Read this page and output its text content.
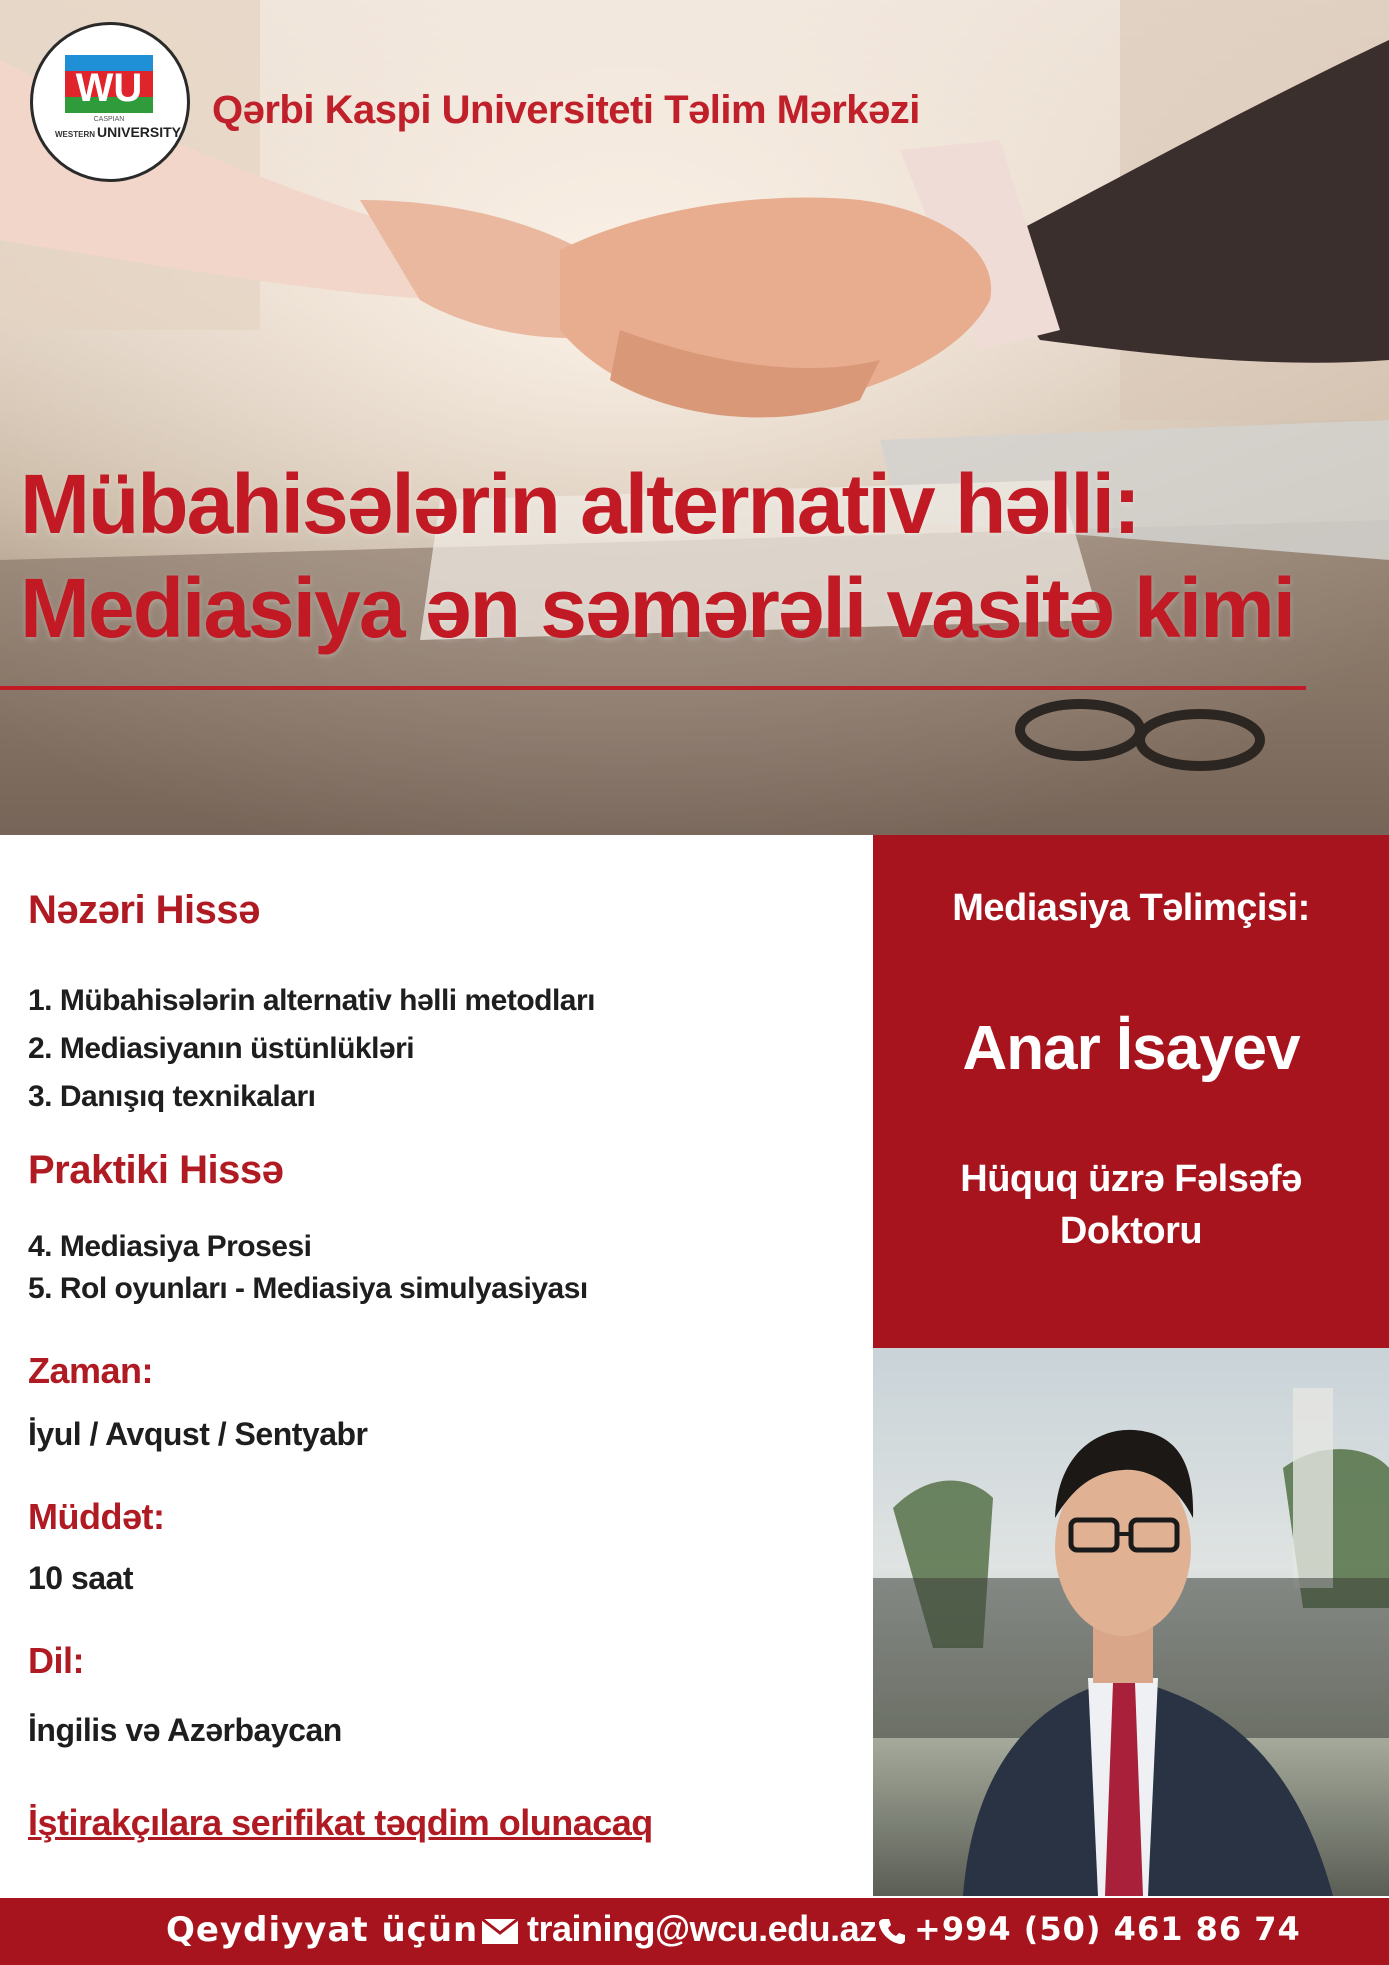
WU
CASPIAN
WESTERN UNIVERSITY Qərbi Kaspi Universiteti Təlim Mərkəzi
Mübahisələrin alternativ həlli:
Mediasiya ən səmərəli vasitə kimi
Nəzəri Hissə
1. Mübahisələrin alternativ həlli metodları
2. Mediasiyanın üstünlükləri
3. Danışıq texnikaları
Praktiki Hissə
4. Mediasiya Prosesi
5. Rol oyunları - Mediasiya simulyasiyası
Zaman:
İyul / Avqust / Sentyabr
Müddət:
10 saat
Dil:
İngilis və Azərbaycan
İştirakçılara serifikat təqdim olunacaq
Mediasiya Təlimçisi:
Anar İsayev
Hüquq üzrə Fəlsəfə
Doktoru
Qeydiyyat üçün training@wcu.edu.az +994 (50) 461 86 74
